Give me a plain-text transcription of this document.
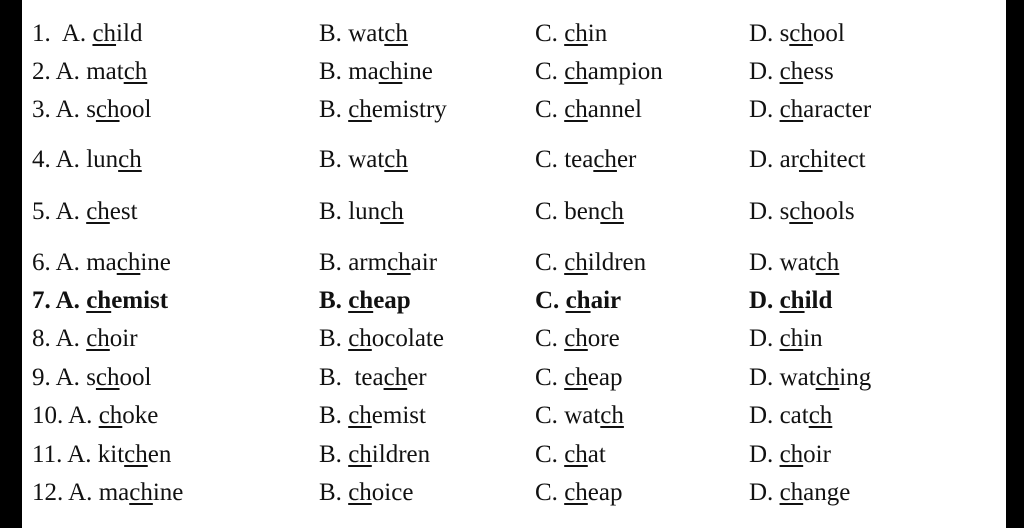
1.  A. child	B. watch	C. chin	D. school
2. A. match	B. machine	C. champion	D. chess
3. A. school	B. chemistry	C. channel	D. character
4. A. lunch	B. watch	C. teacher	D. architect
5. A. chest	B. lunch	C. bench	D. schools
6. A. machine	B. armchair	C. children	D. watch
7. A. chemist	B. cheap	C. chair	D. child
8. A. choir	B. chocolate	C. chore	D. chin
9. A. school	B.  teacher	C. cheap	D. watching
10. A. choke	B. chemist	C. watch	D. catch
11. A. kitchen	B. children	C. chat	D. choir
12. A. machine	B. choice	C. cheap	D. change
